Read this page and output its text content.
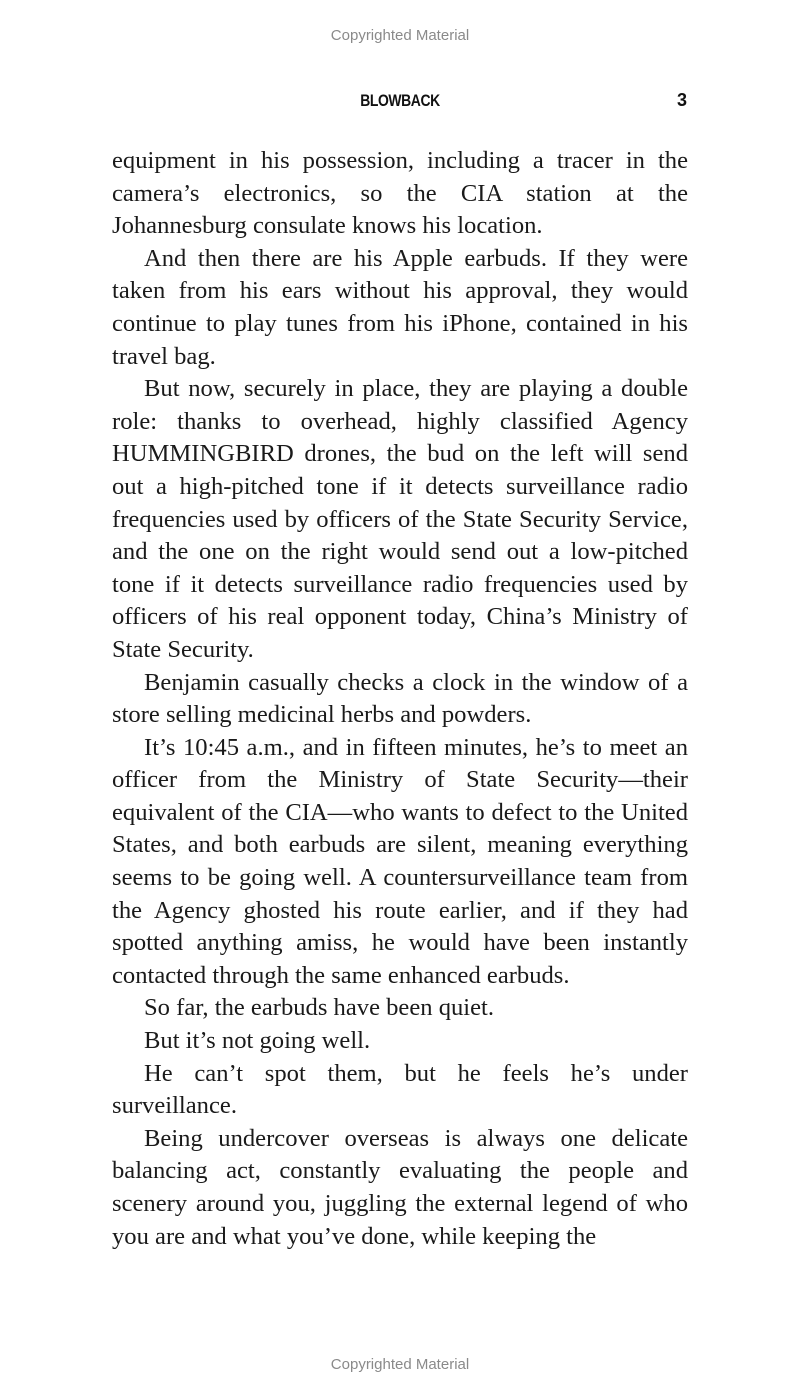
Copyrighted Material
BLOWBACK	3

equipment in his possession, including a tracer in the camera’s electronics, so the CIA station at the Johannesburg consulate knows his location.

And then there are his Apple earbuds. If they were taken from his ears without his approval, they would continue to play tunes from his iPhone, contained in his travel bag.

But now, securely in place, they are playing a double role: thanks to overhead, highly classified Agency HUMMINGBIRD drones, the bud on the left will send out a high-pitched tone if it detects surveillance radio frequencies used by officers of the State Security Service, and the one on the right would send out a low-pitched tone if it detects surveillance radio frequencies used by officers of his real opponent today, China’s Ministry of State Security.

Benjamin casually checks a clock in the window of a store selling medicinal herbs and powders.

It’s 10:45 a.m., and in fifteen minutes, he’s to meet an officer from the Ministry of State Security—their equivalent of the CIA—who wants to defect to the United States, and both earbuds are silent, meaning everything seems to be going well. A countersurveillance team from the Agency ghosted his route earlier, and if they had spotted anything amiss, he would have been instantly contacted through the same enhanced earbuds.

So far, the earbuds have been quiet.

But it’s not going well.

He can’t spot them, but he feels he’s under surveillance.

Being undercover overseas is always one delicate balancing act, constantly evaluating the people and scenery around you, juggling the external legend of who you are and what you’ve done, while keeping the

Copyrighted Material
